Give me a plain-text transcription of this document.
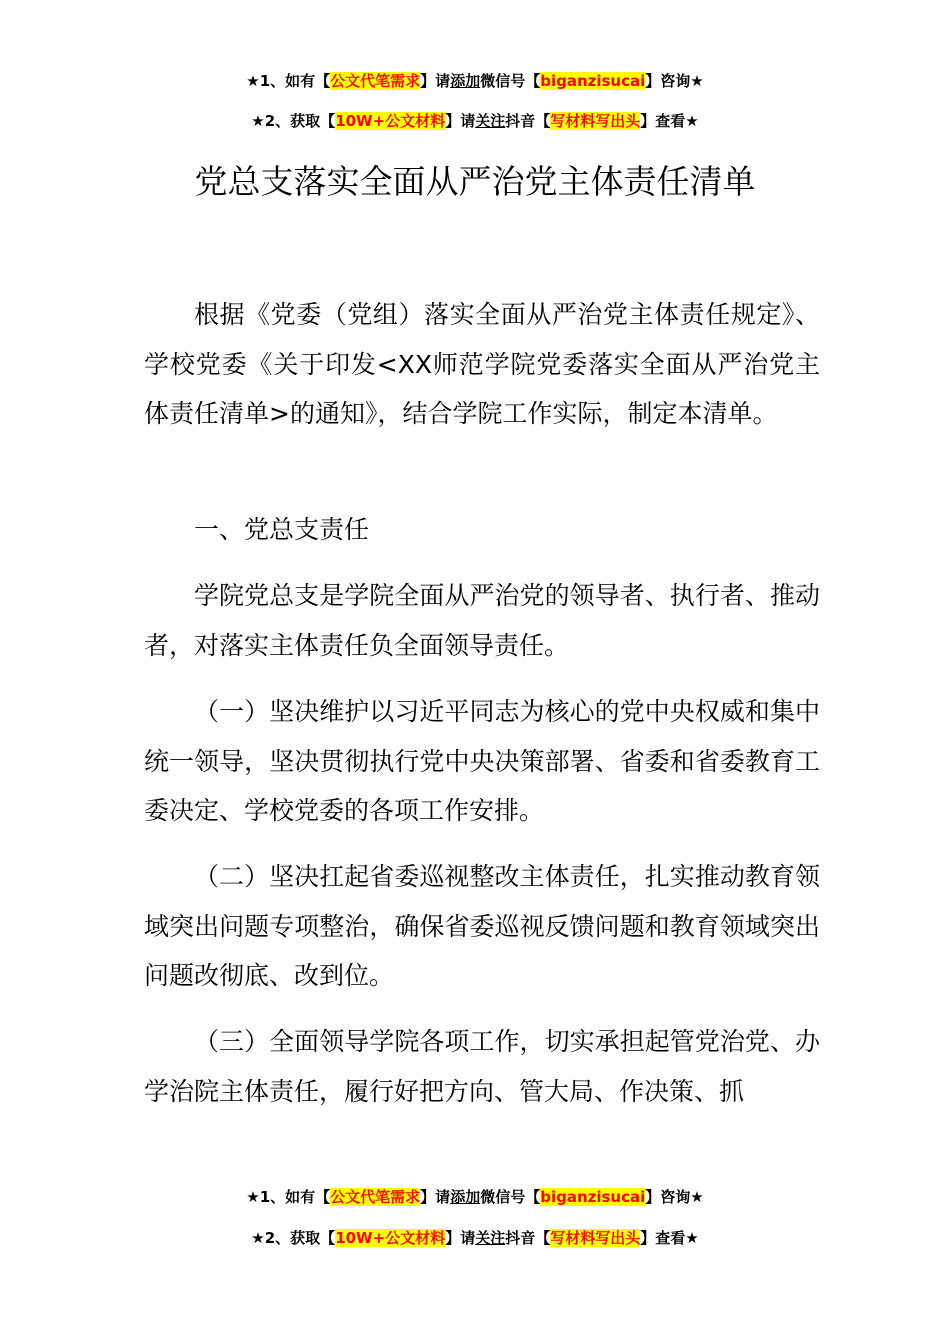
★1、如有【公文代笔需求】请添加微信号【biganzisucai】咨询★
★2、获取【10W+公文材料】请关注抖音【写材料写出头】查看★
党总支落实全面从严治党主体责任清单

根据《党委（党组）落实全面从严治党主体责任规定》、学校党委《关于印发<XX师范学院党委落实全面从严治党主体责任清单>的通知》，结合学院工作实际，制定本清单。

一、党总支责任

学院党总支是学院全面从严治党的领导者、执行者、推动者，对落实主体责任负全面领导责任。

（一）坚决维护以习近平同志为核心的党中央权威和集中统一领导，坚决贯彻执行党中央决策部署、省委和省委教育工委决定、学校党委的各项工作安排。

（二）坚决扛起省委巡视整改主体责任，扎实推动教育领域突出问题专项整治，确保省委巡视反馈问题和教育领域突出问题改彻底、改到位。

（三）全面领导学院各项工作，切实承担起管党治党、办学治院主体责任，履行好把方向、管大局、作决策、抓

★1、如有【公文代笔需求】请添加微信号【biganzisucai】咨询★
★2、获取【10W+公文材料】请关注抖音【写材料写出头】查看★
